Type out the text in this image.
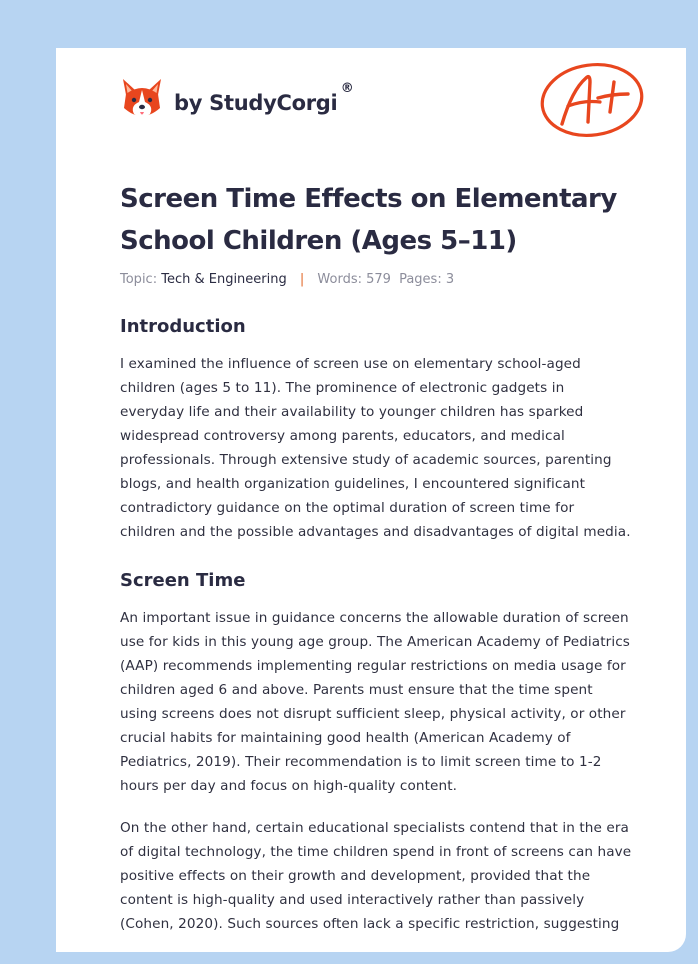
by StudyCorgi
®
Screen Time Effects on Elementary School Children (Ages 5–11)
Topic: Tech & Engineering | Words: 579 Pages: 3
Introduction

I examined the influence of screen use on elementary school-aged children (ages 5 to 11). The prominence of electronic gadgets in everyday life and their availability to younger children has sparked widespread controversy among parents, educators, and medical professionals. Through extensive study of academic sources, parenting blogs, and health organization guidelines, I encountered significant contradictory guidance on the optimal duration of screen time for children and the possible advantages and disadvantages of digital media.

Screen Time

An important issue in guidance concerns the allowable duration of screen use for kids in this young age group. The American Academy of Pediatrics (AAP) recommends implementing regular restrictions on media usage for children aged 6 and above. Parents must ensure that the time spent using screens does not disrupt sufficient sleep, physical activity, or other crucial habits for maintaining good health (American Academy of Pediatrics, 2019). Their recommendation is to limit screen time to 1-2 hours per day and focus on high-quality content.

On the other hand, certain educational specialists contend that in the era of digital technology, the time children spend in front of screens can have positive effects on their growth and development, provided that the content is high-quality and used interactively rather than passively (Cohen, 2020). Such sources often lack a specific restriction, suggesting
